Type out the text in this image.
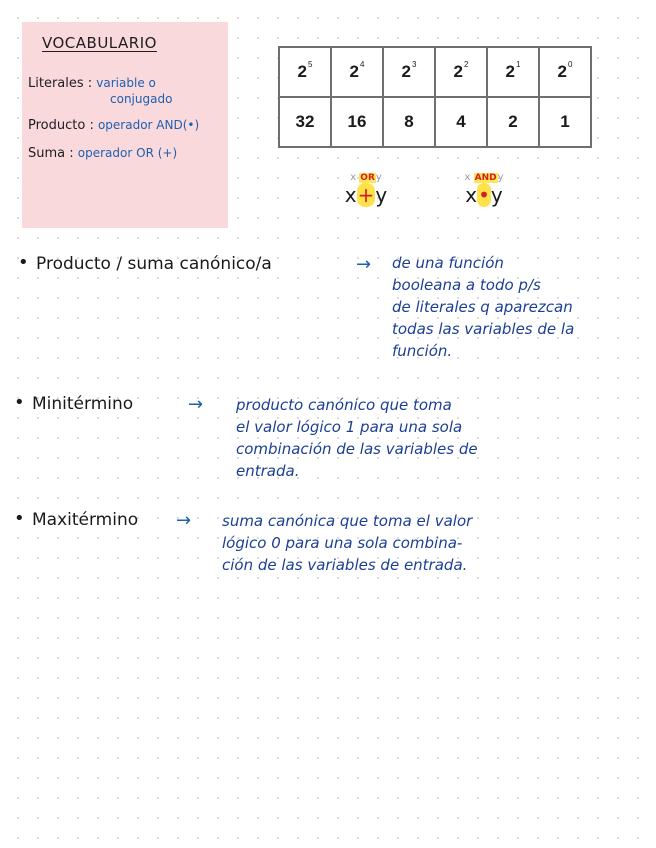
VOCABULARIO
Literales : variable o
conjugado
Producto : operador AND(•)
Suma : operador OR (+)
$2^5$	$2^4$	$2^3$	$2^2$	$2^1$	$2^0$
32	16	8	4	2	1
x ORy
x+y
x ANDy
x•y
• Producto / suma canónico/a	→ de una función
booleana a todo p/s
de literales q aparezcan
todas las variables de la
función.
• Minitérmino	→ producto canónico que toma
el valor lógico 1 para una sola
combinación de las variables de
entrada.
• Maxitérmino → suma canónica que toma el valor
lógico 0 para una sola combina-
ción de las variables de entrada.
